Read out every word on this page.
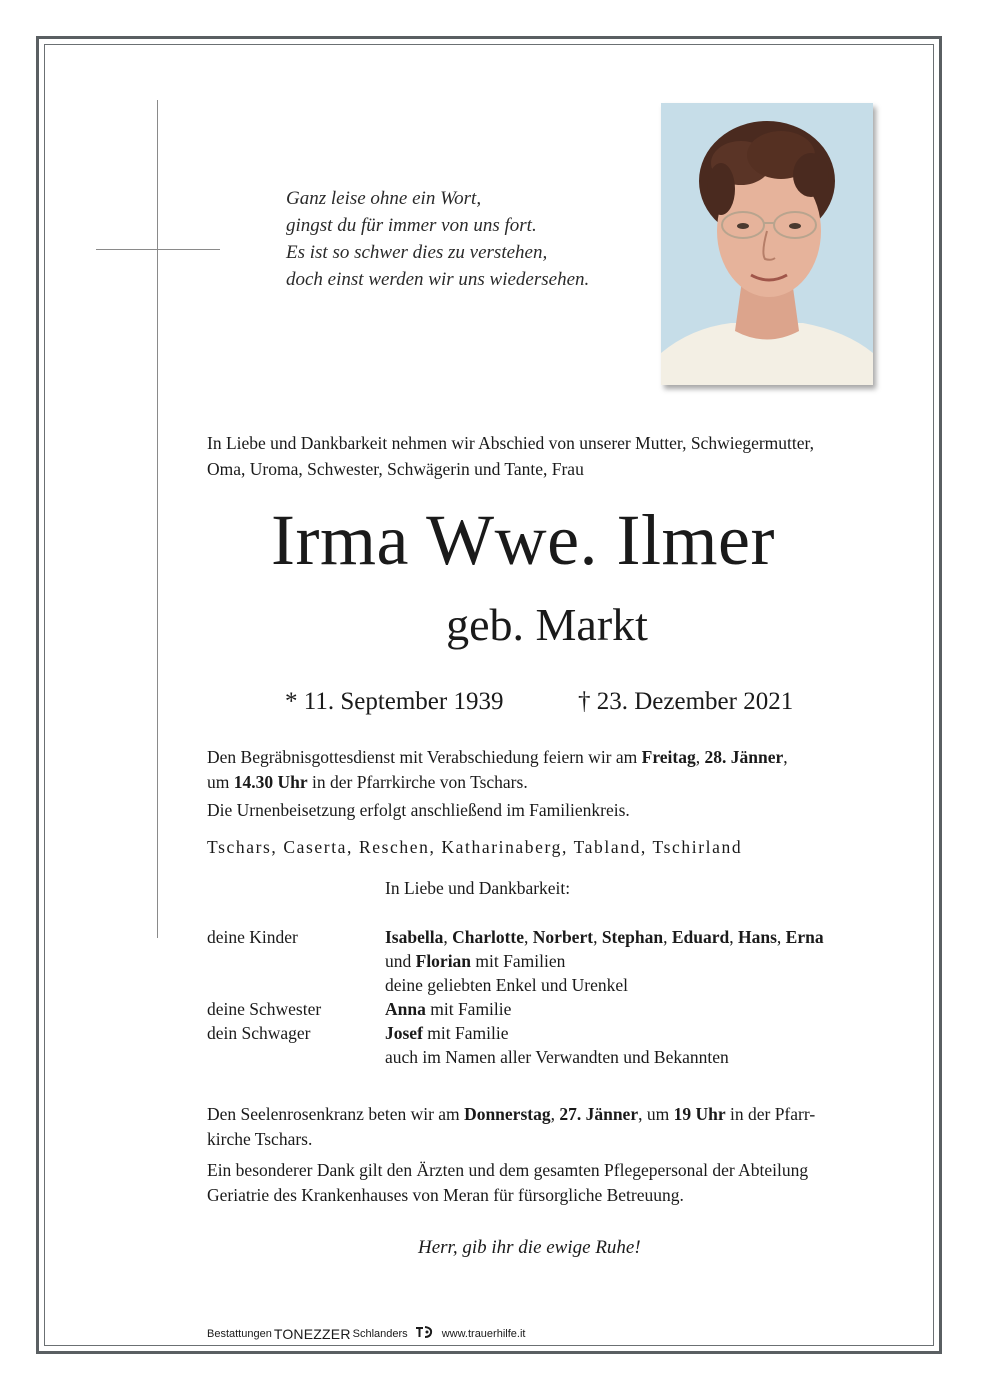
Ganz leise ohne ein Wort,
gingst du für immer von uns fort.
Es ist so schwer dies zu verstehen,
doch einst werden wir uns wiedersehen.
In Liebe und Dankbarkeit nehmen wir Abschied von unserer Mutter, Schwiegermutter,
Oma, Uroma, Schwester, Schwägerin und Tante, Frau
Irma Wwe. Ilmer
geb. Markt
* 11. September 1939	† 23. Dezember 2021
Den Begräbnisgottesdienst mit Verabschiedung feiern wir am Freitag, 28. Jänner,
um 14.30 Uhr in der Pfarrkirche von Tschars.
Die Urnenbeisetzung erfolgt anschließend im Familienkreis.
Tschars, Caserta, Reschen, Katharinaberg, Tabland, Tschirland
In Liebe und Dankbarkeit:
deine Kinder	Isabella, Charlotte, Norbert, Stephan, Eduard, Hans, Erna
und Florian mit Familien
deine geliebten Enkel und Urenkel
deine Schwester	Anna mit Familie
dein Schwager	Josef mit Familie
auch im Namen aller Verwandten und Bekannten
Den Seelenrosenkranz beten wir am Donnerstag, 27. Jänner, um 19 Uhr in der Pfarr-
kirche Tschars.
Ein besonderer Dank gilt den Ärzten und dem gesamten Pflegepersonal der Abteilung
Geriatrie des Krankenhauses von Meran für fürsorgliche Betreuung.
Herr, gib ihr die ewige Ruhe!
Bestattungen TONEZZER Schlanders	www.trauerhilfe.it
